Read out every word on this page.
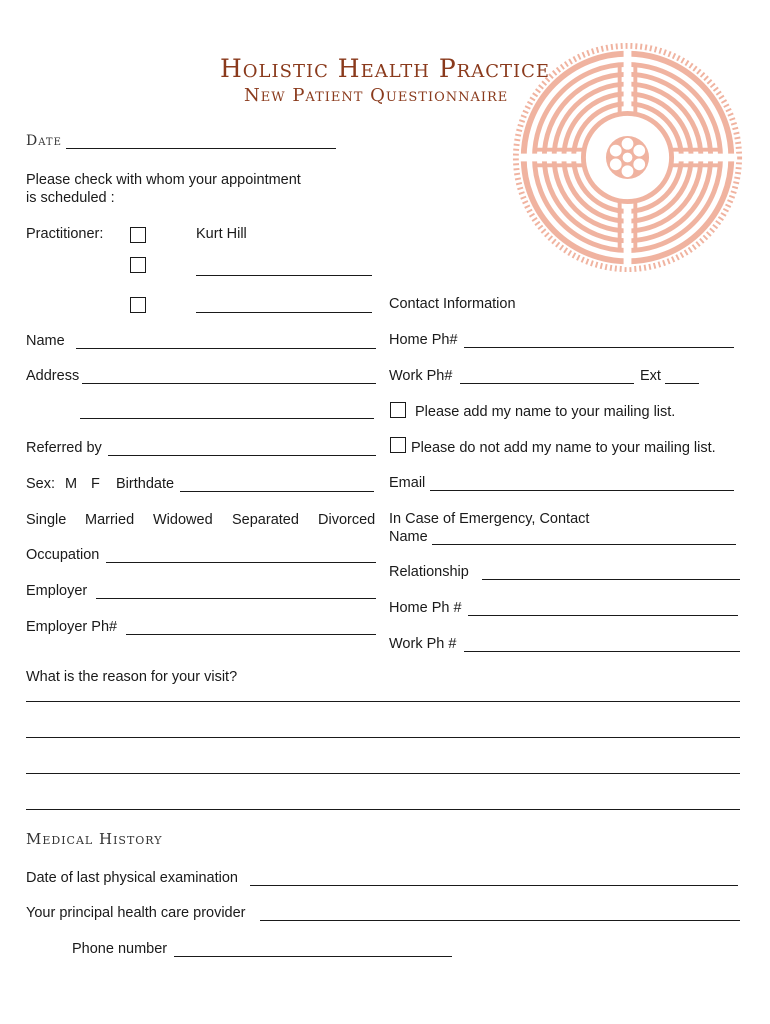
Holistic Health Practice
New Patient Questionnaire
Date
Please check with whom your appointment
is scheduled :
Practitioner:	Kurt Hill
Contact Information
Name
Address
Referred by
Sex: M F Birthdate
Single Married Widowed Separated Divorced
Occupation
Employer
Employer Ph#
Home Ph#
Work Ph#	Ext
Please add my name to your mailing list.
Please do not add my name to your mailing list.
Email
In Case of Emergency, Contact
Name
Relationship
Home Ph #
Work Ph #
What is the reason for your visit?
Medical History
Date of last physical examination
Your principal health care provider
Phone number
